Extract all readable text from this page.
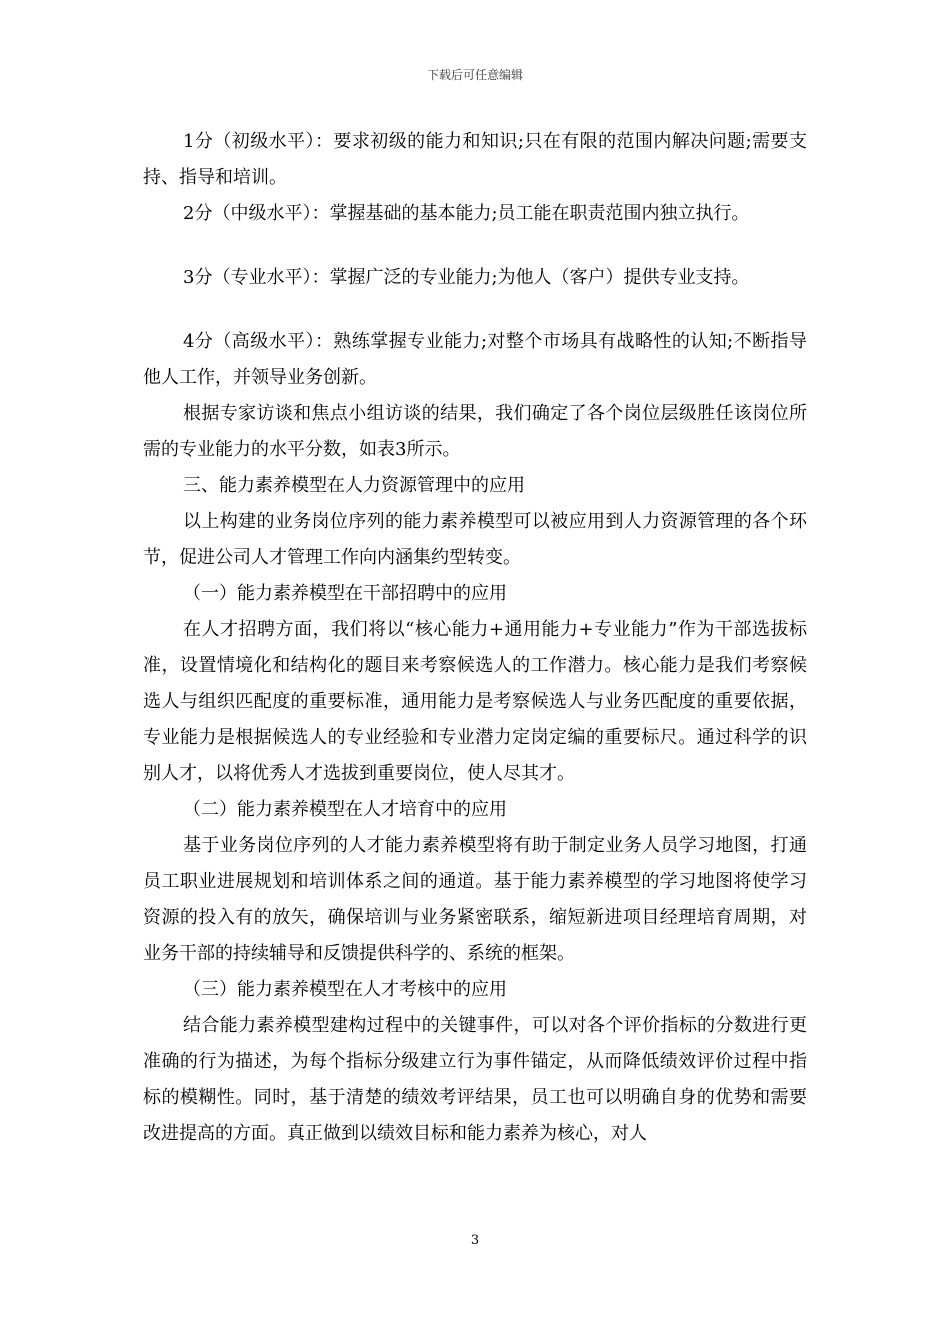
下载后可任意编辑

1分（初级水平）：要求初级的能力和知识;只在有限的范围内解决问题;需要支持、指导和培训。

2分（中级水平）：掌握基础的基本能力;员工能在职责范围内独立执行。

3分（专业水平）：掌握广泛的专业能力;为他人（客户）提供专业支持。

4分（高级水平）：熟练掌握专业能力;对整个市场具有战略性的认知;不断指导他人工作，并领导业务创新。

根据专家访谈和焦点小组访谈的结果，我们确定了各个岗位层级胜任该岗位所需的专业能力的水平分数，如表3所示。

三、能力素养模型在人力资源管理中的应用

以上构建的业务岗位序列的能力素养模型可以被应用到人力资源管理的各个环节，促进公司人才管理工作向内涵集约型转变。

（一）能力素养模型在干部招聘中的应用

在人才招聘方面，我们将以“核心能力+通用能力+专业能力”作为干部选拔标准，设置情境化和结构化的题目来考察候选人的工作潜力。核心能力是我们考察候选人与组织匹配度的重要标准，通用能力是考察候选人与业务匹配度的重要依据，专业能力是根据候选人的专业经验和专业潜力定岗定编的重要标尺。通过科学的识别人才，以将优秀人才选拔到重要岗位，使人尽其才。

（二）能力素养模型在人才培育中的应用

基于业务岗位序列的人才能力素养模型将有助于制定业务人员学习地图，打通员工职业进展规划和培训体系之间的通道。基于能力素养模型的学习地图将使学习资源的投入有的放矢，确保培训与业务紧密联系，缩短新进项目经理培育周期，对业务干部的持续辅导和反馈提供科学的、系统的框架。

（三）能力素养模型在人才考核中的应用

结合能力素养模型建构过程中的关键事件，可以对各个评价指标的分数进行更准确的行为描述，为每个指标分级建立行为事件锚定，从而降低绩效评价过程中指标的模糊性。同时，基于清楚的绩效考评结果，员工也可以明确自身的优势和需要改进提高的方面。真正做到以绩效目标和能力素养为核心，对人

3
